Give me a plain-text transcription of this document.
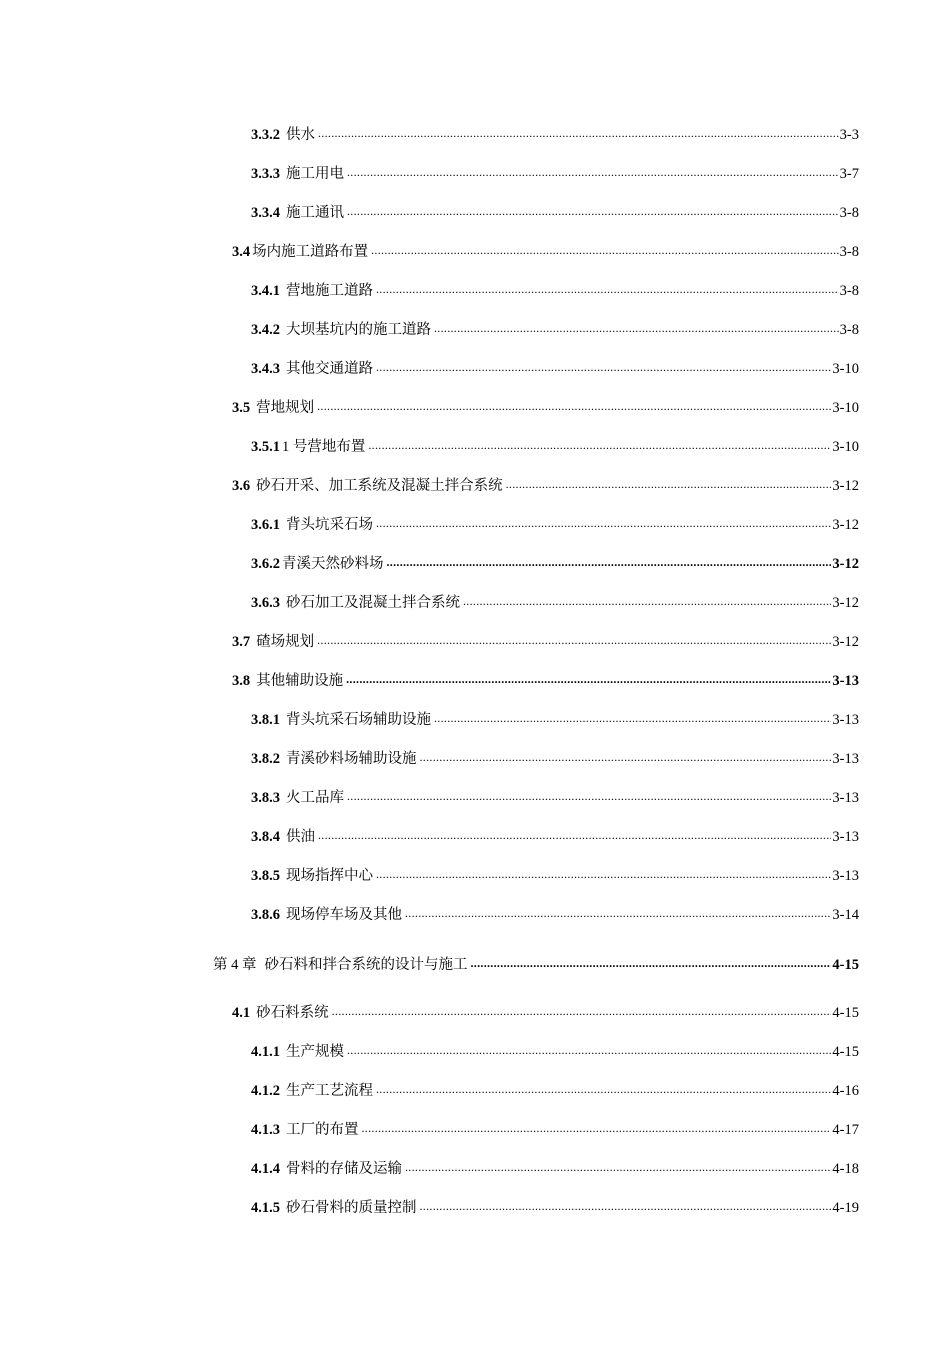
3.3.2 供水 .....	3-3
3.3.3 施工用电 .....	3-7
3.3.4 施工通讯 .....	3-8
3.4 场内施工道路布置 .....	3-8
3.4.1 营地施工道路 .....	3-8
3.4.2 大坝基坑内的施工道路 .....	3-8
3.4.3 其他交通道路 .....	3-10
3.5 营地规划 .....	3-10
3.5.1 1 号营地布置 .....	3-10
3.6 砂石开采、加工系统及混凝土拌合系统 .....	3-12
3.6.1 背头坑采石场 .....	3-12
3.6.2 青溪天然砂料场 .....	3-12
3.6.3 砂石加工及混凝土拌合系统 .....	3-12
3.7 碴场规划 .....	3-12
3.8 其他辅助设施 .....	3-13
3.8.1 背头坑采石场辅助设施 .....	3-13
3.8.2 青溪砂料场辅助设施 .....	3-13
3.8.3 火工品库 .....	3-13
3.8.4 供油 .....	3-13
3.8.5 现场指挥中心 .....	3-13
3.8.6 现场停车场及其他 .....	3-14
第 4 章 砂石料和拌合系统的设计与施工 .....	4-15
4.1 砂石料系统 .....	4-15
4.1.1 生产规模 .....	4-15
4.1.2 生产工艺流程 .....	4-16
4.1.3 工厂的布置 .....	4-17
4.1.4 骨料的存储及运输 .....	4-18
4.1.5 砂石骨料的质量控制 .....	4-19
